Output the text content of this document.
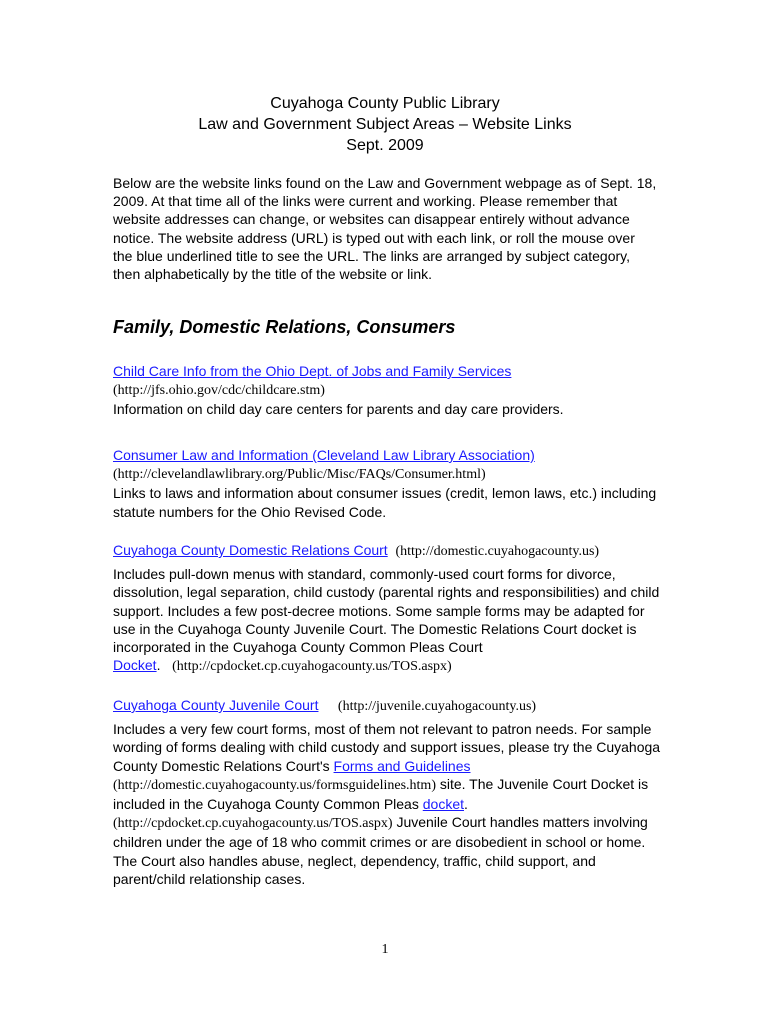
Cuyahoga County Public Library
Law and Government Subject Areas – Website Links
Sept. 2009
Below are the website links found on the Law and Government webpage as of Sept. 18, 2009. At that time all of the links were current and working. Please remember that website addresses can change, or websites can disappear entirely without advance notice. The website address (URL) is typed out with each link, or roll the mouse over the blue underlined title to see the URL. The links are arranged by subject category, then alphabetically by the title of the website or link.
Family, Domestic Relations, Consumers
Child Care Info from the Ohio Dept. of Jobs and Family Services
(http://jfs.ohio.gov/cdc/childcare.stm)
Information on child day care centers for parents and day care providers.
Consumer Law and Information (Cleveland Law Library Association)
(http://clevelandlawlibrary.org/Public/Misc/FAQs/Consumer.html)
Links to laws and information about consumer issues (credit, lemon laws, etc.) including statute numbers for the Ohio Revised Code.
Cuyahoga County Domestic Relations Court (http://domestic.cuyahogacounty.us)
Includes pull-down menus with standard, commonly-used court forms for divorce, dissolution, legal separation, child custody (parental rights and responsibilities) and child support. Includes a few post-decree motions. Some sample forms may be adapted for use in the Cuyahoga County Juvenile Court. The Domestic Relations Court docket is incorporated in the Cuyahoga County Common Pleas Court Docket. (http://cpdocket.cp.cuyahogacounty.us/TOS.aspx)
Cuyahoga County Juvenile Court (http://juvenile.cuyahogacounty.us)
Includes a very few court forms, most of them not relevant to patron needs. For sample wording of forms dealing with child custody and support issues, please try the Cuyahoga County Domestic Relations Court's Forms and Guidelines (http://domestic.cuyahogacounty.us/formsguidelines.htm) site. The Juvenile Court Docket is included in the Cuyahoga County Common Pleas docket. (http://cpdocket.cp.cuyahogacounty.us/TOS.aspx) Juvenile Court handles matters involving children under the age of 18 who commit crimes or are disobedient in school or home. The Court also handles abuse, neglect, dependency, traffic, child support, and parent/child relationship cases.
1
